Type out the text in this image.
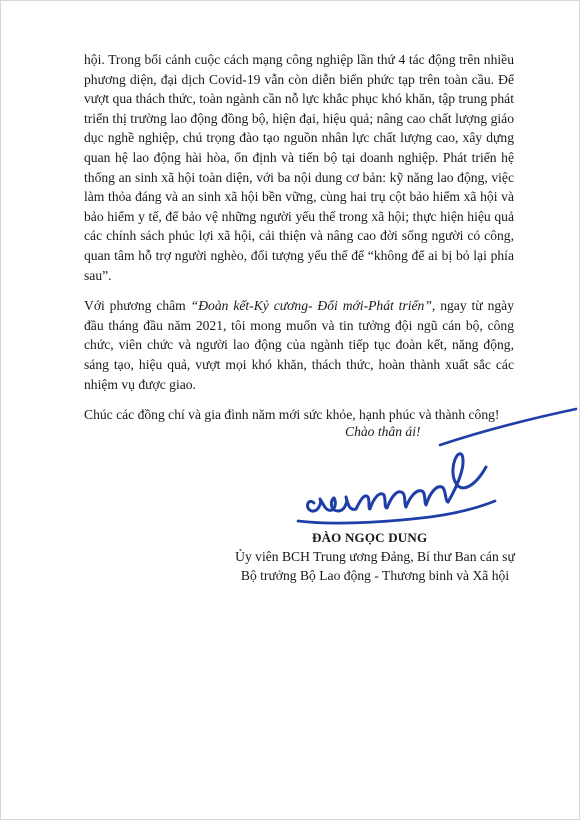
hội. Trong bối cảnh cuộc cách mạng công nghiệp lần thứ 4 tác động trên nhiều phương diện, đại dịch Covid-19 vẫn còn diễn biến phức tạp trên toàn cầu. Để vượt qua thách thức, toàn ngành cần nỗ lực khắc phục khó khăn, tập trung phát triển thị trường lao động đồng bộ, hiện đại, hiệu quả; nâng cao chất lượng giáo dục nghề nghiệp, chú trọng đào tạo nguồn nhân lực chất lượng cao, xây dựng quan hệ lao động hài hòa, ổn định và tiến bộ tại doanh nghiệp. Phát triển hệ thống an sinh xã hội toàn diện, với ba nội dung cơ bản: kỹ năng lao động, việc làm thỏa đáng và an sinh xã hội bền vững, cùng hai trụ cột bảo hiểm xã hội và bảo hiểm y tế, để bảo vệ những người yếu thế trong xã hội; thực hiện hiệu quả các chính sách phúc lợi xã hội, cải thiện và nâng cao đời sống người có công, quan tâm hỗ trợ người nghèo, đối tượng yếu thế để “không để ai bị bỏ lại phía sau”.

Với phương châm “Đoàn kết-Kỷ cương- Đổi mới-Phát triển”, ngay từ ngày đầu tháng đầu năm 2021, tôi mong muốn và tin tưởng đội ngũ cán bộ, công chức, viên chức và người lao động của ngành tiếp tục đoàn kết, năng động, sáng tạo, hiệu quả, vượt mọi khó khăn, thách thức, hoàn thành xuất sắc các nhiệm vụ được giao.

Chúc các đồng chí và gia đình năm mới sức khỏe, hạnh phúc và thành công!

Chào thân ái!
ĐÀO NGỌC DUNG
Ủy viên BCH Trung ương Đảng, Bí thư Ban cán sự
Bộ trưởng Bộ Lao động - Thương binh và Xã hội
